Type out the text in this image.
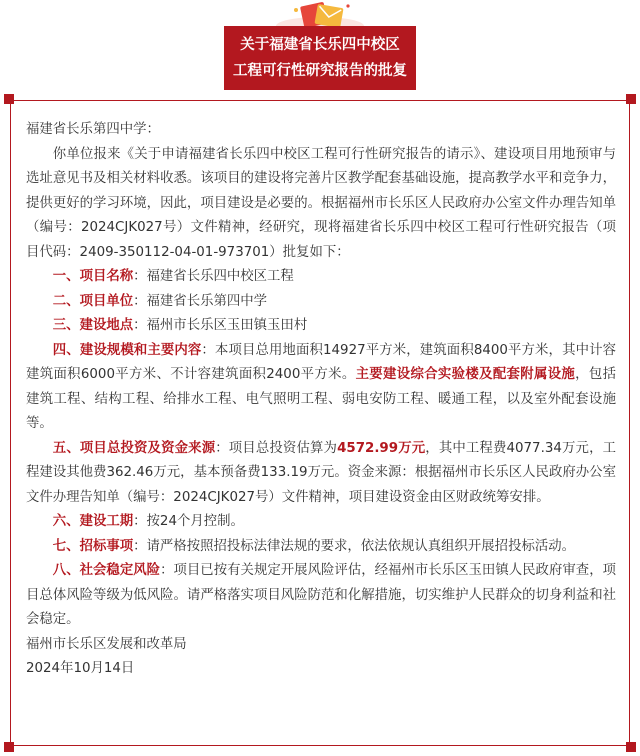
关于福建省长乐四中校区
工程可行性研究报告的批复

福建省长乐第四中学：

你单位报来《关于申请福建省长乐四中校区工程可行性研究报告的请示》、建设项目用地预审与选址意见书及相关材料收悉。该项目的建设将完善片区教学配套基础设施，提高教学水平和竞争力，提供更好的学习环境，因此，项目建设是必要的。根据福州市长乐区人民政府办公室文件办理告知单（编号：2024CJK027号）文件精神，经研究，现将福建省长乐四中校区工程可行性研究报告（项目代码：2409-350112-04-01-973701）批复如下：

一、项目名称：福建省长乐四中校区工程

二、项目单位：福建省长乐第四中学

三、建设地点：福州市长乐区玉田镇玉田村

四、建设规模和主要内容：本项目总用地面积14927平方米，建筑面积8400平方米，其中计容建筑面积6000平方米、不计容建筑面积2400平方米。主要建设综合实验楼及配套附属设施，包括建筑工程、结构工程、给排水工程、电气照明工程、弱电安防工程、暖通工程，以及室外配套设施等。

五、项目总投资及资金来源：项目总投资估算为4572.99万元，其中工程费4077.34万元，工程建设其他费362.46万元，基本预备费133.19万元。资金来源：根据福州市长乐区人民政府办公室文件办理告知单（编号：2024CJK027号）文件精神，项目建设资金由区财政统筹安排。

六、建设工期：按24个月控制。

七、招标事项：请严格按照招投标法律法规的要求，依法依规认真组织开展招投标活动。

八、社会稳定风险：项目已按有关规定开展风险评估，经福州市长乐区玉田镇人民政府审查，项目总体风险等级为低风险。请严格落实项目风险防范和化解措施，切实维护人民群众的切身利益和社会稳定。

福州市长乐区发展和改革局

2024年10月14日
